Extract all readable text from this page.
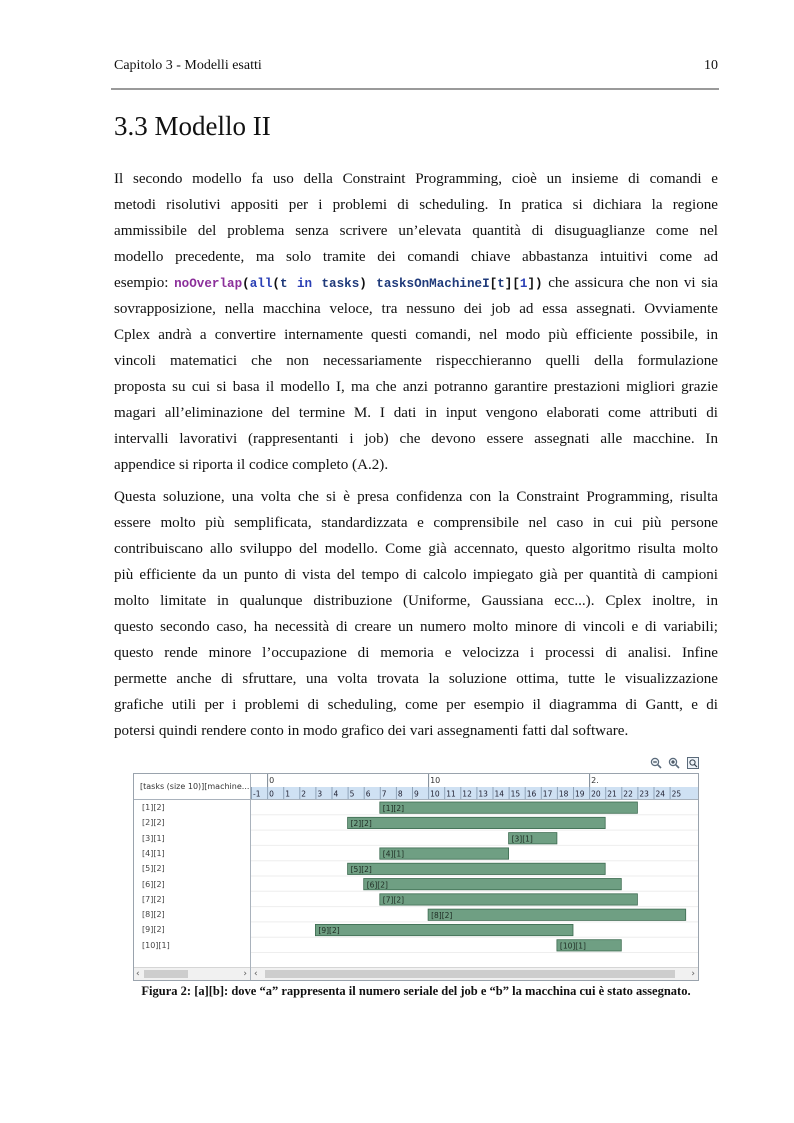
Capitolo 3 - Modelli esatti	10
3.3 Modello II
Il secondo modello fa uso della Constraint Programming, cioè un insieme di comandi e
metodi risolutivi appositi per i problemi di scheduling. In pratica si dichiara la regione
ammissibile del problema senza scrivere un’elevata quantità di disuguaglianze come nel
modello precedente, ma solo tramite dei comandi chiave abbastanza intuitivi come ad
esempio: noOverlap(all(t in tasks) tasksOnMachineI[t][1]) che assicura che non vi sia
sovrapposizione, nella macchina veloce, tra nessuno dei job ad essa assegnati. Ovviamente
Cplex andrà a convertire internamente questi comandi, nel modo più efficiente possibile, in
vincoli matematici che non necessariamente rispecchieranno quelli della formulazione
proposta su cui si basa il modello I, ma che anzi potranno garantire prestazioni migliori grazie
magari all’eliminazione del termine M. I dati in input vengono elaborati come attributi di
intervalli lavorativi (rappresentanti i job) che devono essere assegnati alle macchine. In
appendice si riporta il codice completo (A.2).
Questa soluzione, una volta che si è presa confidenza con la Constraint Programming, risulta
essere molto più semplificata, standardizzata e comprensibile nel caso in cui più persone
contribuiscano allo sviluppo del modello. Come già accennato, questo algoritmo risulta molto
più efficiente da un punto di vista del tempo di calcolo impiegato già per quantità di campioni
molto limitate in qualunque distribuzione (Uniforme, Gaussiana ecc...). Cplex inoltre, in
questo secondo caso, ha necessità di creare un numero molto minore di vincoli e di variabili;
questo rende minore l’occupazione di memoria e velocizza i processi di analisi. Infine
permette anche di sfruttare, una volta trovata la soluzione ottima, tutte le visualizzazione
grafiche utili per i problemi di scheduling, come per esempio il diagramma di Gantt, e di
potersi quindi rendere conto in modo grafico dei vari assegnamenti fatti dal software.

[tasks (size 10)][machine...
[1][2]
[2][2]
[3][1]
[4][1]
[5][2]
[6][2]
[7][2]
[8][2]
[9][2]
[10][1]
‹	›
0	10	2.
-1 0 1 2 3 4 5 6 7 8 9 10 11 12 13 14 15 16 17 18 19 20 21 22 23 24 25
[1][2]
[2][2]
[3][1]
[4][1]
[5][2]
[6][2]
[7][2]
[8][2]
[9][2]
[10][1]
‹	›
Figura 2: [a][b]: dove “a” rappresenta il numero seriale del job e “b” la macchina cui è stato assegnato.
